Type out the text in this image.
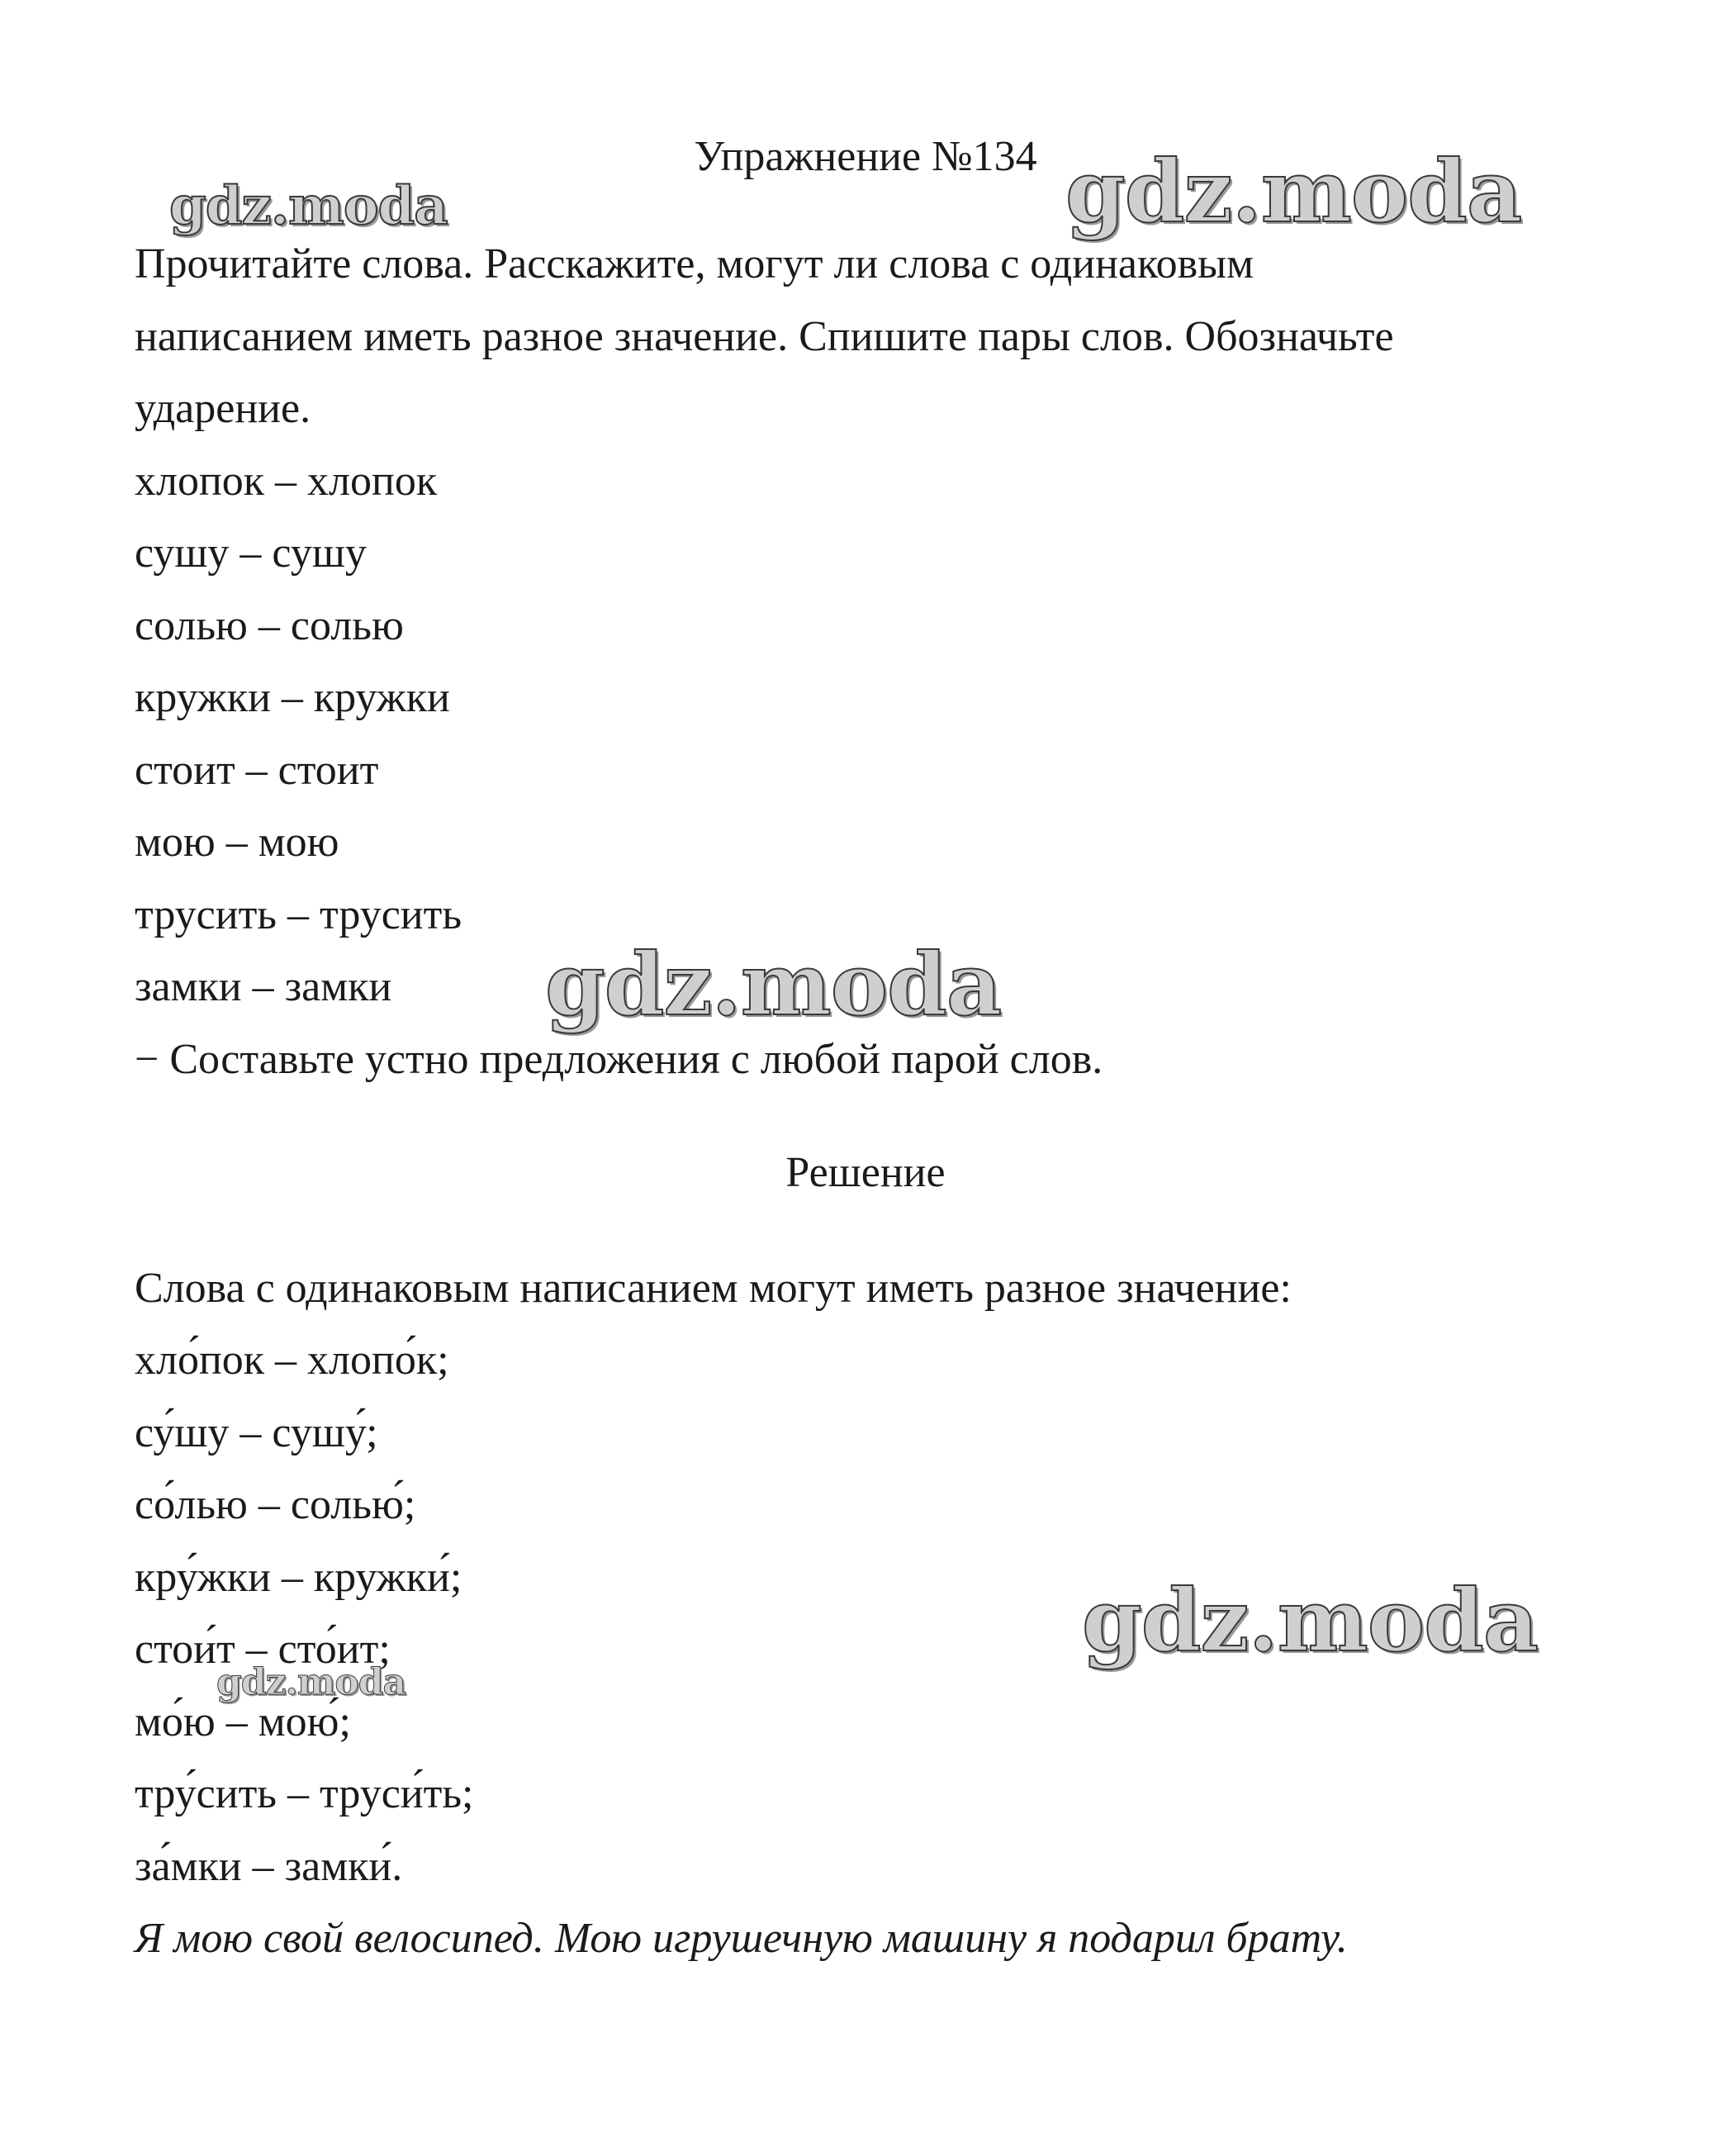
Упражнение №134
Прочитайте слова. Расскажите, могут ли слова с одинаковым
написанием иметь разное значение. Спишите пары слов. Обозначьте
ударение.
хлопок – хлопок
сушу – сушу
солью – солью
кружки – кружки
стоит – стоит
мою – мою
трусить – трусить
замки – замки
− Составьте устно предложения с любой парой слов.
Решение
Слова с одинаковым написанием могут иметь разное значение:
хло́пок – хлопо́к;
су́шу – сушу́;
со́лью – солью́;
кру́жки – кружки́;
стои́т – сто́ит;
мо́ю – мою́;
тру́сить – труси́ть;
за́мки – замки́.
Я мою свой велосипед. Мою игрушечную машину я подарил брату.
gdz.moda	gdz.moda
gdz.moda
gdz.moda
gdz.moda
